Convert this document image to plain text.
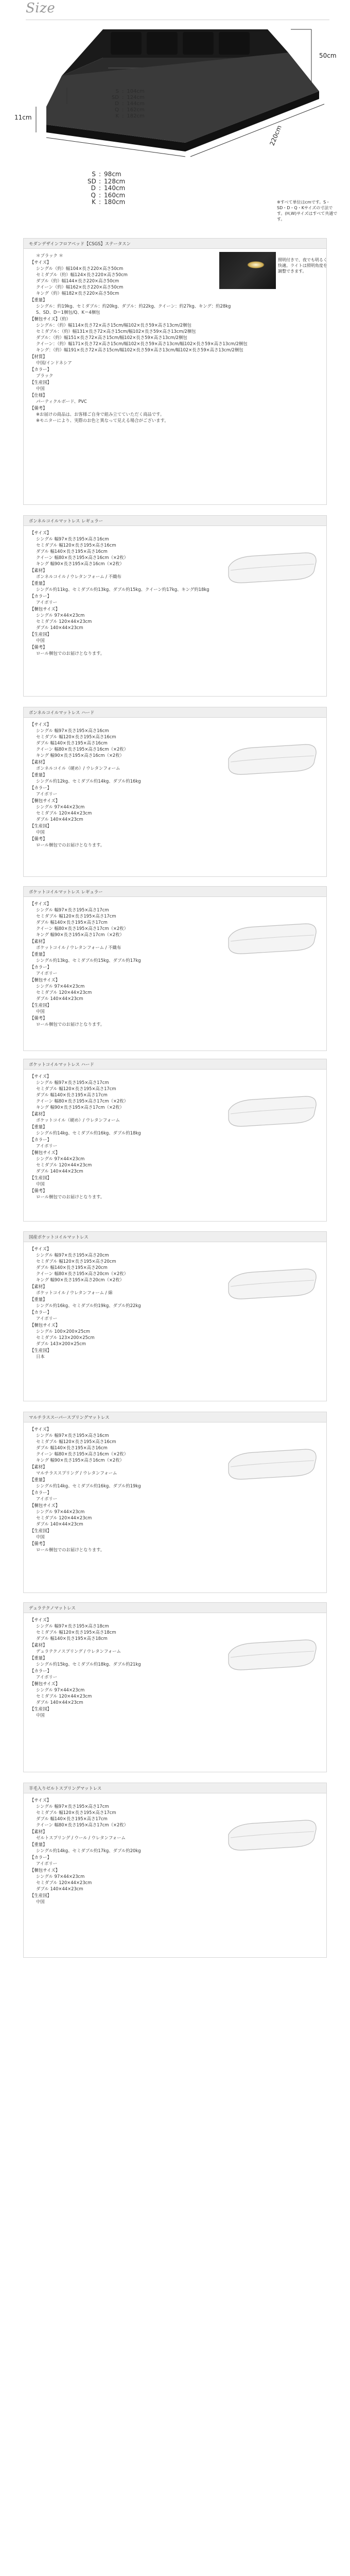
Size
50cm
220cm
11cm
S : 104cm
SD : 124cm
D : 144cm
Q : 162cm
K : 182cm
S : 98cm
SD : 128cm
D : 140cm
Q : 160cm
K : 180cm	※すべて単位はcmです。S・SD・D・Q・Kサイズの寸法です。(H,W)サイズはすべて共通です。
モダンデザインフロアベッド【CSGS】ステータスン
＊ブラック ＊
【サイズ】
シングル（約）幅104×長さ220×高さ50cm
セミダブル（約）幅124×長さ220×高さ50cm
ダブル（約）幅144×長さ220×高さ50cm
クイーン（約）幅162×長さ220×高さ50cm
キング（約）幅182×長さ220×高さ50cm
【重量】
シングル：約19kg、セミダブル：約20kg、ダブル：約22kg、クイーン：約27kg、キング：約28kg
S、SD、D＝1梱包/Q、K＝4梱包
【梱包サイズ】（約）
シングル：（約）幅114×長さ72×高さ15cm/幅102×長さ59×高さ13cm/2梱包
セミダブル：（約）幅131×長さ72×高さ15cm/幅102×長さ59×高さ13cm/2梱包
ダブル：（約）幅151×長さ72×高さ15cm/幅102×長さ59×高さ13cm/2梱包
クイーン：（約）幅171×長さ72×高さ15cm/幅102×長さ59×高さ13cm/幅102×長さ59×高さ13cm/2梱包
キング：（約）幅191×長さ72×高さ15cm/幅102×長さ59×高さ13cm/幅102×長さ59×高さ13cm/2梱包
【材質】
中国/インドネシア
【カラー】
ブラック
【生産国】
中国
【仕様】
パーティクルボード、PVC
【備考】
※お届けの商品は、お客様ご自身で組み立てていただく商品です。
※モニターにより、実際のお色と異なって見える場合がございます。
照明付きで、夜でも明るく快適。ライトは照明角度を調整できます。
ボンネルコイルマットレス レギュラー
【サイズ】
シングル 幅97×長さ195×高さ16cm
セミダブル 幅120×長さ195×高さ16cm
ダブル 幅140×長さ195×高さ16cm
クイーン 幅80×長さ195×高さ16cm（×2枚）
キング 幅90×長さ195×高さ16cm（×2枚）
【素材】
ボンネルコイル / ウレタンフォーム / 不織布
【重量】
シングル約11kg、セミダブル約13kg、ダブル約15kg、クイーン約17kg、キング約18kg
【カラー】
アイボリー
【梱包サイズ】
シングル 97×44×23cm
セミダブル 120×44×23cm
ダブル 140×44×23cm
【生産国】
中国
【備考】
ロール梱包でのお届けとなります。
ボンネルコイルマットレス ハード
【サイズ】
シングル 幅97×長さ195×高さ16cm
セミダブル 幅120×長さ195×高さ16cm
ダブル 幅140×長さ195×高さ16cm
クイーン 幅80×長さ195×高さ16cm（×2枚）
キング 幅90×長さ195×高さ16cm（×2枚）
【素材】
ボンネルコイル（硬め）/ ウレタンフォーム
【重量】
シングル約12kg、セミダブル約14kg、ダブル約16kg
【カラー】
アイボリー
【梱包サイズ】
シングル 97×44×23cm
セミダブル 120×44×23cm
ダブル 140×44×23cm
【生産国】
中国
【備考】
ロール梱包でのお届けとなります。
ポケットコイルマットレス レギュラー
【サイズ】
シングル 幅97×長さ195×高さ17cm
セミダブル 幅120×長さ195×高さ17cm
ダブル 幅140×長さ195×高さ17cm
クイーン 幅80×長さ195×高さ17cm（×2枚）
キング 幅90×長さ195×高さ17cm（×2枚）
【素材】
ポケットコイル / ウレタンフォーム / 不織布
【重量】
シングル約13kg、セミダブル約15kg、ダブル約17kg
【カラー】
アイボリー
【梱包サイズ】
シングル 97×44×23cm
セミダブル 120×44×23cm
ダブル 140×44×23cm
【生産国】
中国
【備考】
ロール梱包でのお届けとなります。
ポケットコイルマットレス ハード
【サイズ】
シングル 幅97×長さ195×高さ17cm
セミダブル 幅120×長さ195×高さ17cm
ダブル 幅140×長さ195×高さ17cm
クイーン 幅80×長さ195×高さ17cm（×2枚）
キング 幅90×長さ195×高さ17cm（×2枚）
【素材】
ポケットコイル（硬め）/ ウレタンフォーム
【重量】
シングル約14kg、セミダブル約16kg、ダブル約18kg
【カラー】
アイボリー
【梱包サイズ】
シングル 97×44×23cm
セミダブル 120×44×23cm
ダブル 140×44×23cm
【生産国】
中国
【備考】
ロール梱包でのお届けとなります。
国産ポケットコイルマットレス
【サイズ】
シングル 幅97×長さ195×高さ20cm
セミダブル 幅120×長さ195×高さ20cm
ダブル 幅140×長さ195×高さ20cm
クイーン 幅80×長さ195×高さ20cm（×2枚）
キング 幅90×長さ195×高さ20cm（×2枚）
【素材】
ポケットコイル / ウレタンフォーム / 綿
【重量】
シングル約16kg、セミダブル約19kg、ダブル約22kg
【カラー】
アイボリー
【梱包サイズ】
シングル 100×200×25cm
セミダブル 123×200×25cm
ダブル 143×200×25cm
【生産国】
日本
マルチラススーパースプリングマットレス
【サイズ】
シングル 幅97×長さ195×高さ16cm
セミダブル 幅120×長さ195×高さ16cm
ダブル 幅140×長さ195×高さ16cm
クイーン 幅80×長さ195×高さ16cm（×2枚）
キング 幅90×長さ195×高さ16cm（×2枚）
【素材】
マルチラススプリング / ウレタンフォーム
【重量】
シングル約14kg、セミダブル約16kg、ダブル約19kg
【カラー】
アイボリー
【梱包サイズ】
シングル 97×44×23cm
セミダブル 120×44×23cm
ダブル 140×44×23cm
【生産国】
中国
【備考】
ロール梱包でのお届けとなります。
デュラテクノマットレス
【サイズ】
シングル 幅97×長さ195×高さ18cm
セミダブル 幅120×長さ195×高さ18cm
ダブル 幅140×長さ195×高さ18cm
【素材】
デュラテクノスプリング / ウレタンフォーム
【重量】
シングル約15kg、セミダブル約18kg、ダブル約21kg
【カラー】
アイボリー
【梱包サイズ】
シングル 97×44×23cm
セミダブル 120×44×23cm
ダブル 140×44×23cm
【生産国】
中国
羊毛入りゼルトスプリングマットレス
【サイズ】
シングル 幅97×長さ195×高さ17cm
セミダブル 幅120×長さ195×高さ17cm
ダブル 幅140×長さ195×高さ17cm
クイーン 幅80×長さ195×高さ17cm（×2枚）
【素材】
ゼルトスプリング / ウール / ウレタンフォーム
【重量】
シングル約14kg、セミダブル約17kg、ダブル約20kg
【カラー】
アイボリー
【梱包サイズ】
シングル 97×44×23cm
セミダブル 120×44×23cm
ダブル 140×44×23cm
【生産国】
中国
